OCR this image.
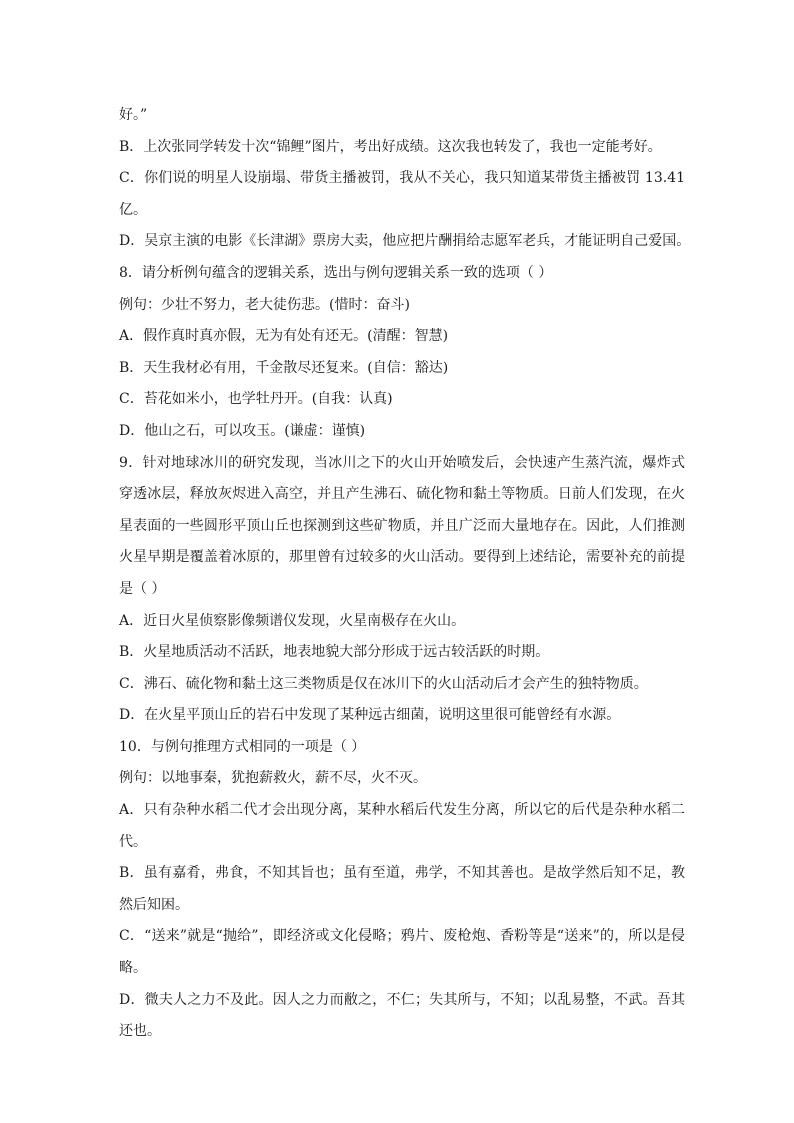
好。”
B．上次张同学转发十次“锦鲤”图片，考出好成绩。这次我也转发了，我也一定能考好。
C．你们说的明星人设崩塌、带货主播被罚，我从不关心，我只知道某带货主播被罚 13.41
亿。
D．吴京主演的电影《长津湖》票房大卖，他应把片酬捐给志愿军老兵，才能证明自己爱国。
8．请分析例句蕴含的逻辑关系，选出与例句逻辑关系一致的选项（ ）
例句：少壮不努力，老大徒伤悲。(惜时：奋斗)
A．假作真时真亦假，无为有处有还无。(清醒：智慧)
B．天生我材必有用，千金散尽还复来。(自信：豁达)
C．苔花如米小，也学牡丹开。(自我：认真)
D．他山之石，可以攻玉。(谦虚：谨慎)
9．针对地球冰川的研究发现，当冰川之下的火山开始喷发后，会快速产生蒸汽流，爆炸式
穿透冰层，释放灰烬进入高空，并且产生沸石、硫化物和黏土等物质。日前人们发现，在火
星表面的一些圆形平顶山丘也探测到这些矿物质，并且广泛而大量地存在。因此，人们推测
火星早期是覆盖着冰原的，那里曾有过较多的火山活动。要得到上述结论，需要补充的前提
是（ ）
A．近日火星侦察影像频谱仪发现，火星南极存在火山。
B．火星地质活动不活跃，地表地貌大部分形成于远古较活跃的时期。
C．沸石、硫化物和黏土这三类物质是仅在冰川下的火山活动后才会产生的独特物质。
D．在火星平顶山丘的岩石中发现了某种远古细菌，说明这里很可能曾经有水源。
10．与例句推理方式相同的一项是（ ）
例句：以地事秦，犹抱薪救火，薪不尽，火不灭。
A．只有杂种水稻二代才会出现分离，某种水稻后代发生分离，所以它的后代是杂种水稻二
代。
B．虽有嘉肴，弗食，不知其旨也；虽有至道，弗学，不知其善也。是故学然后知不足，教
然后知困。
C．“送来”就是“抛给”，即经济或文化侵略；鸦片、废枪炮、香粉等是“送来”的，所以是侵
略。
D．微夫人之力不及此。因人之力而敝之，不仁；失其所与，不知；以乱易整，不武。吾其
还也。
